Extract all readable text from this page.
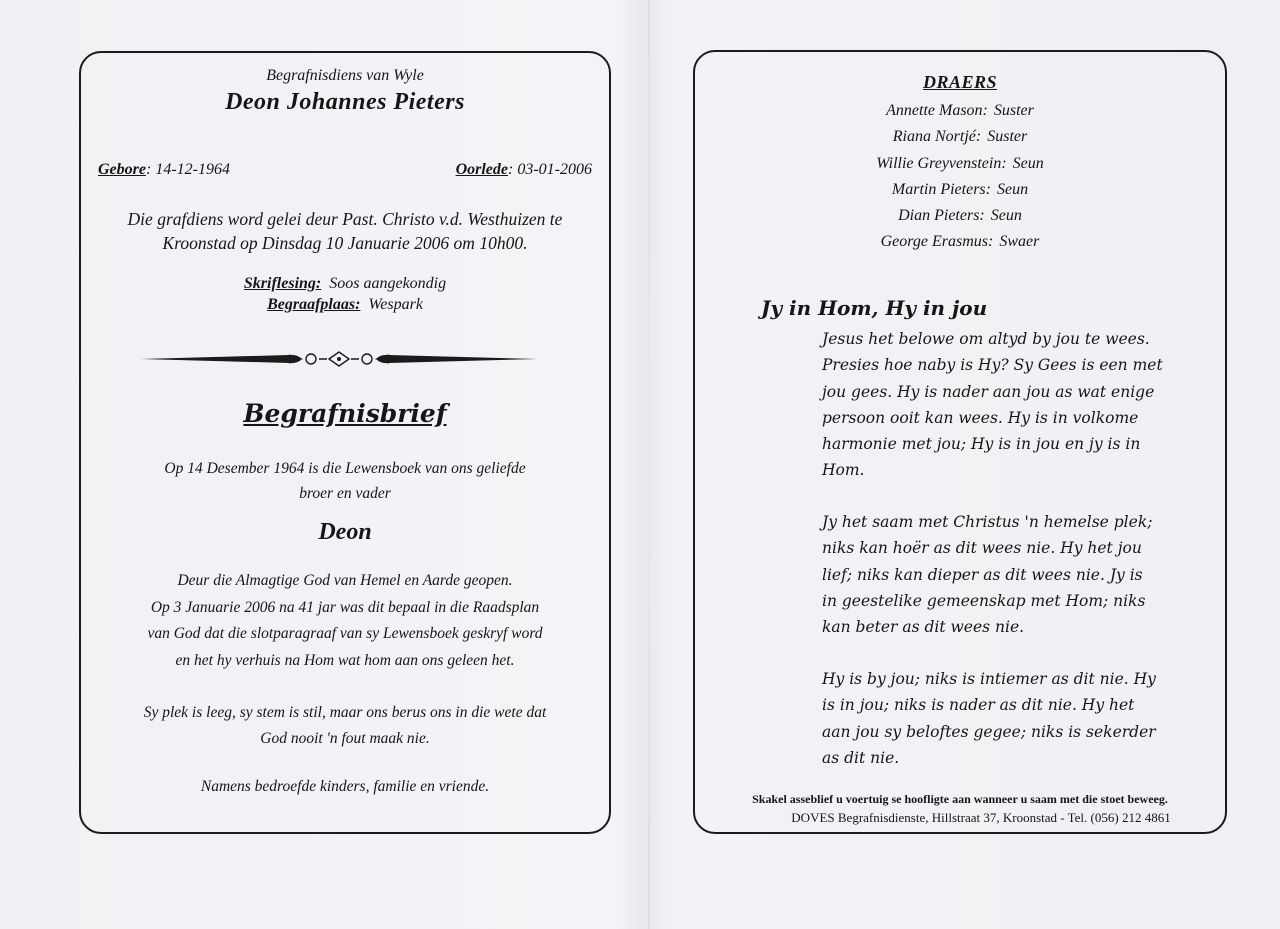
Begrafnisdiens van Wyle
Deon Johannes Pieters
Gebore: 14-12-1964	Oorlede: 03-01-2006
Die grafdiens word gelei deur Past. Christo v.d. Westhuizen te
Kroonstad op Dinsdag 10 Januarie 2006 om 10h00.
Skriflesing: Soos aangekondig
Begraafplaas: Wespark
Begrafnisbrief
Op 14 Desember 1964 is die Lewensboek van ons geliefde
broer en vader
Deon
Deur die Almagtige God van Hemel en Aarde geopen.
Op 3 Januarie 2006 na 41 jar was dit bepaal in die Raadsplan
van God dat die slotparagraaf van sy Lewensboek geskryf word
en het hy verhuis na Hom wat hom aan ons geleen het.
Sy plek is leeg, sy stem is stil, maar ons berus ons in die wete dat
God nooit 'n fout maak nie.
Namens bedroefde kinders, familie en vriende.
DRAERS
Annette Mason: Suster
Riana Nortjé: Suster
Willie Greyvenstein: Seun
Martin Pieters: Seun
Dian Pieters: Seun
George Erasmus: Swaer
Jy in Hom, Hy in jou
Jesus het belowe om altyd by jou te wees.
Presies hoe naby is Hy? Sy Gees is een met
jou gees. Hy is nader aan jou as wat enige
persoon ooit kan wees. Hy is in volkome
harmonie met jou; Hy is in jou en jy is in
Hom.
Jy het saam met Christus 'n hemelse plek;
niks kan hoër as dit wees nie. Hy het jou
lief; niks kan dieper as dit wees nie. Jy is
in geestelike gemeenskap met Hom; niks
kan beter as dit wees nie.
Hy is by jou; niks is intiemer as dit nie. Hy
is in jou; niks is nader as dit nie. Hy het
aan jou sy beloftes gegee; niks is sekerder
as dit nie.
Skakel asseblief u voertuig se hoofligte aan wanneer u saam met die stoet beweeg.
DOVES Begrafnisdienste, Hillstraat 37, Kroonstad - Tel. (056) 212 4861
